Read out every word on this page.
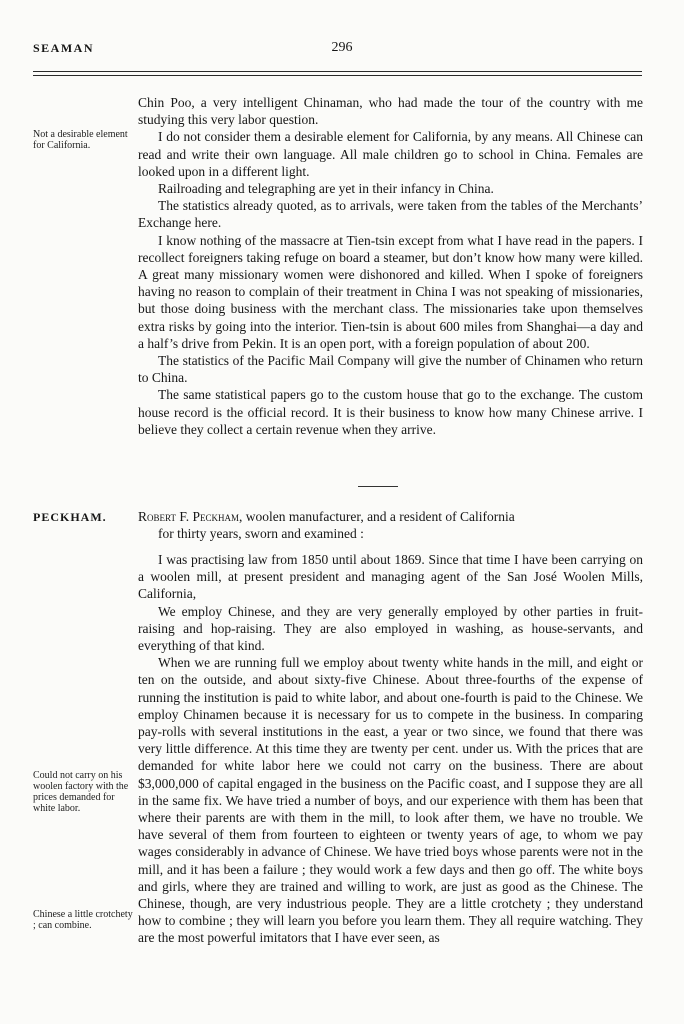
SEAMAN	296
Not a desirable element for California.
Could not carry on his woolen factory with the prices demanded for white labor.
Chinese a little crotchety ; can combine.

Chin Poo, a very intelligent Chinaman, who had made the tour of the country with me studying this very labor question.

I do not consider them a desirable element for California, by any means. All Chinese can read and write their own language. All male children go to school in China. Females are looked upon in a different light.

Railroading and telegraphing are yet in their infancy in China.

The statistics already quoted, as to arrivals, were taken from the tables of the Merchants’ Exchange here.

I know nothing of the massacre at Tien-tsin except from what I have read in the papers. I recollect foreigners taking refuge on board a steamer, but don’t know how many were killed. A great many missionary women were dishonored and killed. When I spoke of foreigners having no reason to complain of their treatment in China I was not speaking of missionaries, but those doing business with the merchant class. The missionaries take upon themselves extra risks by going into the interior. Tien-tsin is about 600 miles from Shanghai—a day and a half’s drive from Pekin. It is an open port, with a foreign population of about 200.

The statistics of the Pacific Mail Company will give the number of Chinamen who return to China.

The same statistical papers go to the custom house that go to the exchange. The custom house record is the official record. It is their business to know how many Chinese arrive. I believe they collect a certain revenue when they arrive.

PECKHAM. Robert F. Peckham, woolen manufacturer, and a resident of California
for thirty years, sworn and examined :

I was practising law from 1850 until about 1869. Since that time I have been carrying on a woolen mill, at present president and managing agent of the San José Woolen Mills, California,

We employ Chinese, and they are very generally employed by other parties in fruit-raising and hop-raising. They are also employed in washing, as house-servants, and everything of that kind.

When we are running full we employ about twenty white hands in the mill, and eight or ten on the outside, and about sixty-five Chinese. About three-fourths of the expense of running the institution is paid to white labor, and about one-fourth is paid to the Chinese. We employ Chinamen because it is necessary for us to compete in the business. In comparing pay-rolls with several institutions in the east, a year or two since, we found that there was very little difference. At this time they are twenty per cent. under us. With the prices that are demanded for white labor here we could not carry on the business. There are about $3,000,000 of capital engaged in the business on the Pacific coast, and I suppose they are all in the same fix. We have tried a number of boys, and our experience with them has been that where their parents are with them in the mill, to look after them, we have no trouble. We have several of them from fourteen to eighteen or twenty years of age, to whom we pay wages considerably in advance of Chinese. We have tried boys whose parents were not in the mill, and it has been a failure ; they would work a few days and then go off. The white boys and girls, where they are trained and willing to work, are just as good as the Chinese. The Chinese, though, are very industrious people. They are a little crotchety ; they understand how to combine ; they will learn you before you learn them. They all require watching. They are the most powerful imitators that I have ever seen, as
